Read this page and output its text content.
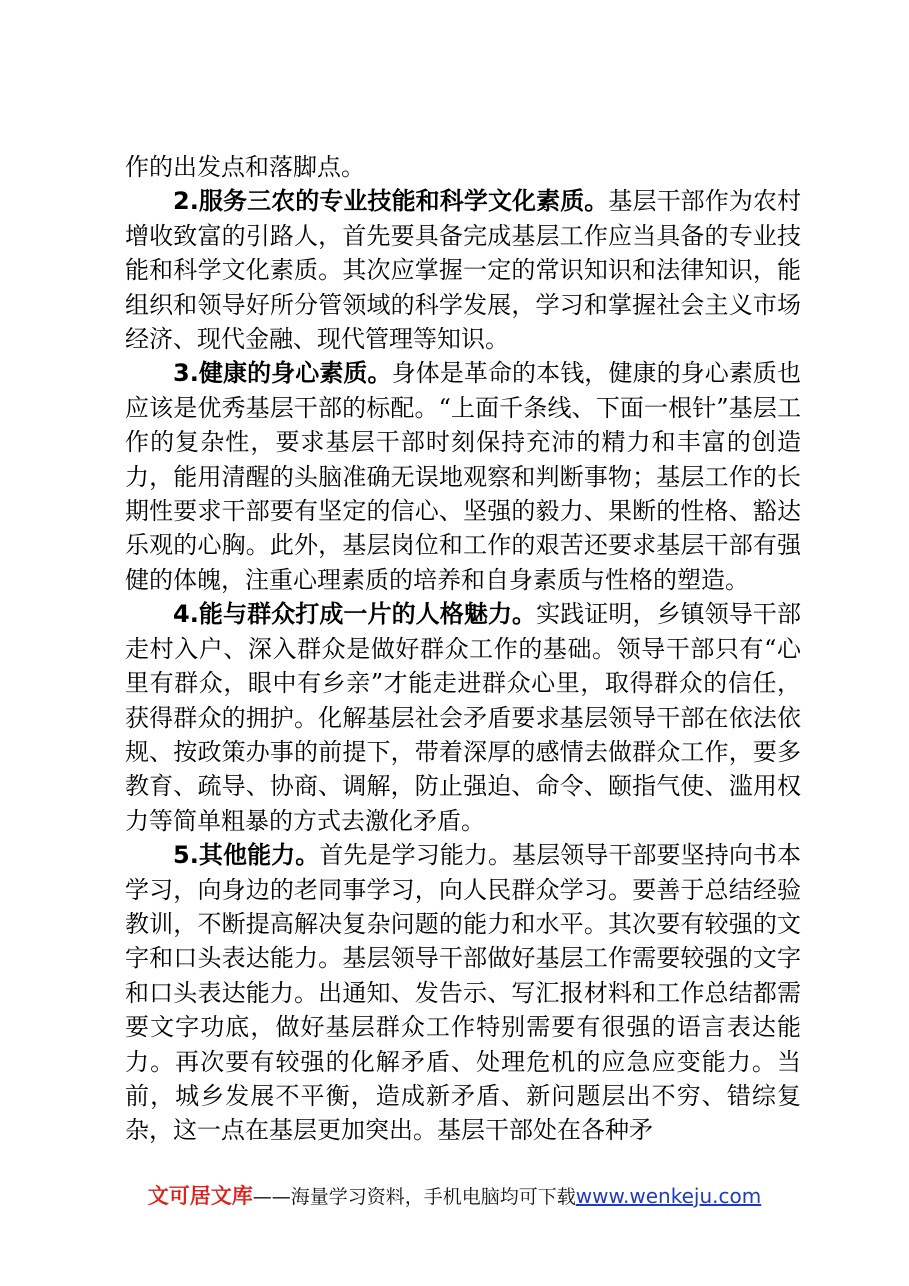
作的出发点和落脚点。

2.服务三农的专业技能和科学文化素质。基层干部作为农村增收致富的引路人，首先要具备完成基层工作应当具备的专业技能和科学文化素质。其次应掌握一定的常识知识和法律知识，能组织和领导好所分管领域的科学发展，学习和掌握社会主义市场经济、现代金融、现代管理等知识。

3.健康的身心素质。身体是革命的本钱，健康的身心素质也应该是优秀基层干部的标配。“上面千条线、下面一根针”基层工作的复杂性，要求基层干部时刻保持充沛的精力和丰富的创造力，能用清醒的头脑准确无误地观察和判断事物；基层工作的长期性要求干部要有坚定的信心、坚强的毅力、果断的性格、豁达乐观的心胸。此外，基层岗位和工作的艰苦还要求基层干部有强健的体魄，注重心理素质的培养和自身素质与性格的塑造。

4.能与群众打成一片的人格魅力。实践证明，乡镇领导干部走村入户、深入群众是做好群众工作的基础。领导干部只有“心里有群众，眼中有乡亲”才能走进群众心里，取得群众的信任，获得群众的拥护。化解基层社会矛盾要求基层领导干部在依法依规、按政策办事的前提下，带着深厚的感情去做群众工作，要多教育、疏导、协商、调解，防止强迫、命令、颐指气使、滥用权力等简单粗暴的方式去激化矛盾。

5.其他能力。首先是学习能力。基层领导干部要坚持向书本学习，向身边的老同事学习，向人民群众学习。要善于总结经验教训，不断提高解决复杂问题的能力和水平。其次要有较强的文字和口头表达能力。基层领导干部做好基层工作需要较强的文字和口头表达能力。出通知、发告示、写汇报材料和工作总结都需要文字功底，做好基层群众工作特别需要有很强的语言表达能力。再次要有较强的化解矛盾、处理危机的应急应变能力。当前，城乡发展不平衡，造成新矛盾、新问题层出不穷、错综复杂，这一点在基层更加突出。基层干部处在各种矛

文可居文库——海量学习资料，手机电脑均可下载www.wenkeju.com
